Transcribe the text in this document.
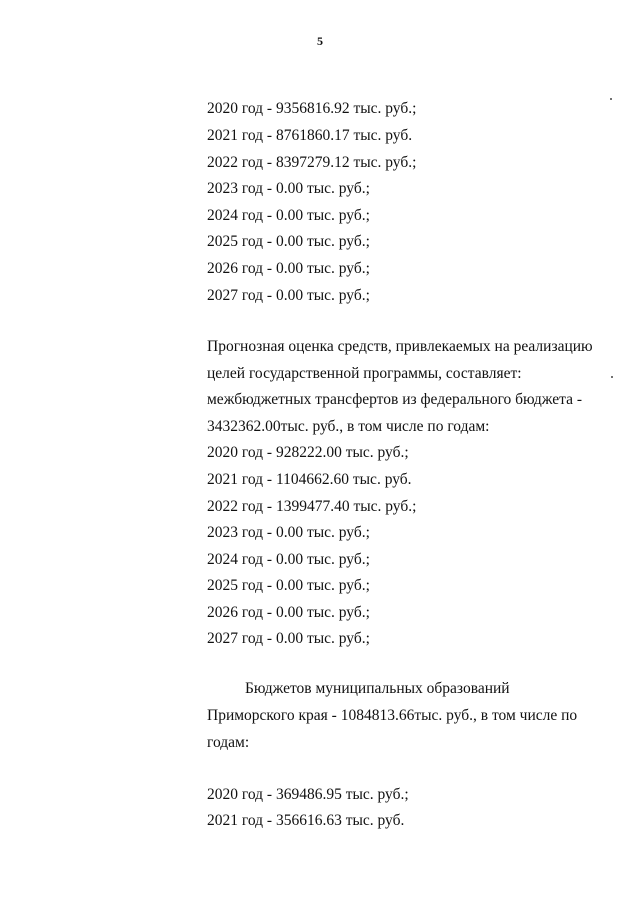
5
2020 год - 9356816.92 тыс. руб.;
2021 год - 8761860.17 тыс. руб.
2022 год - 8397279.12 тыс. руб.;
2023 год - 0.00 тыс. руб.;
2024 год - 0.00 тыс. руб.;
2025 год - 0.00 тыс. руб.;
2026 год - 0.00 тыс. руб.;
2027 год - 0.00 тыс. руб.;
Прогнозная оценка средств, привлекаемых на реализацию
целей государственной программы, составляет:
межбюджетных трансфертов из федерального бюджета -
3432362.00тыс. руб., в том числе по годам:
2020 год - 928222.00 тыс. руб.;
2021 год - 1104662.60 тыс. руб.
2022 год - 1399477.40 тыс. руб.;
2023 год - 0.00 тыс. руб.;
2024 год - 0.00 тыс. руб.;
2025 год - 0.00 тыс. руб.;
2026 год - 0.00 тыс. руб.;
2027 год - 0.00 тыс. руб.;
Бюджетов муниципальных образований
Приморского края - 1084813.66тыс. руб., в том числе по
годам:
2020 год - 369486.95 тыс. руб.;
2021 год - 356616.63 тыс. руб.
